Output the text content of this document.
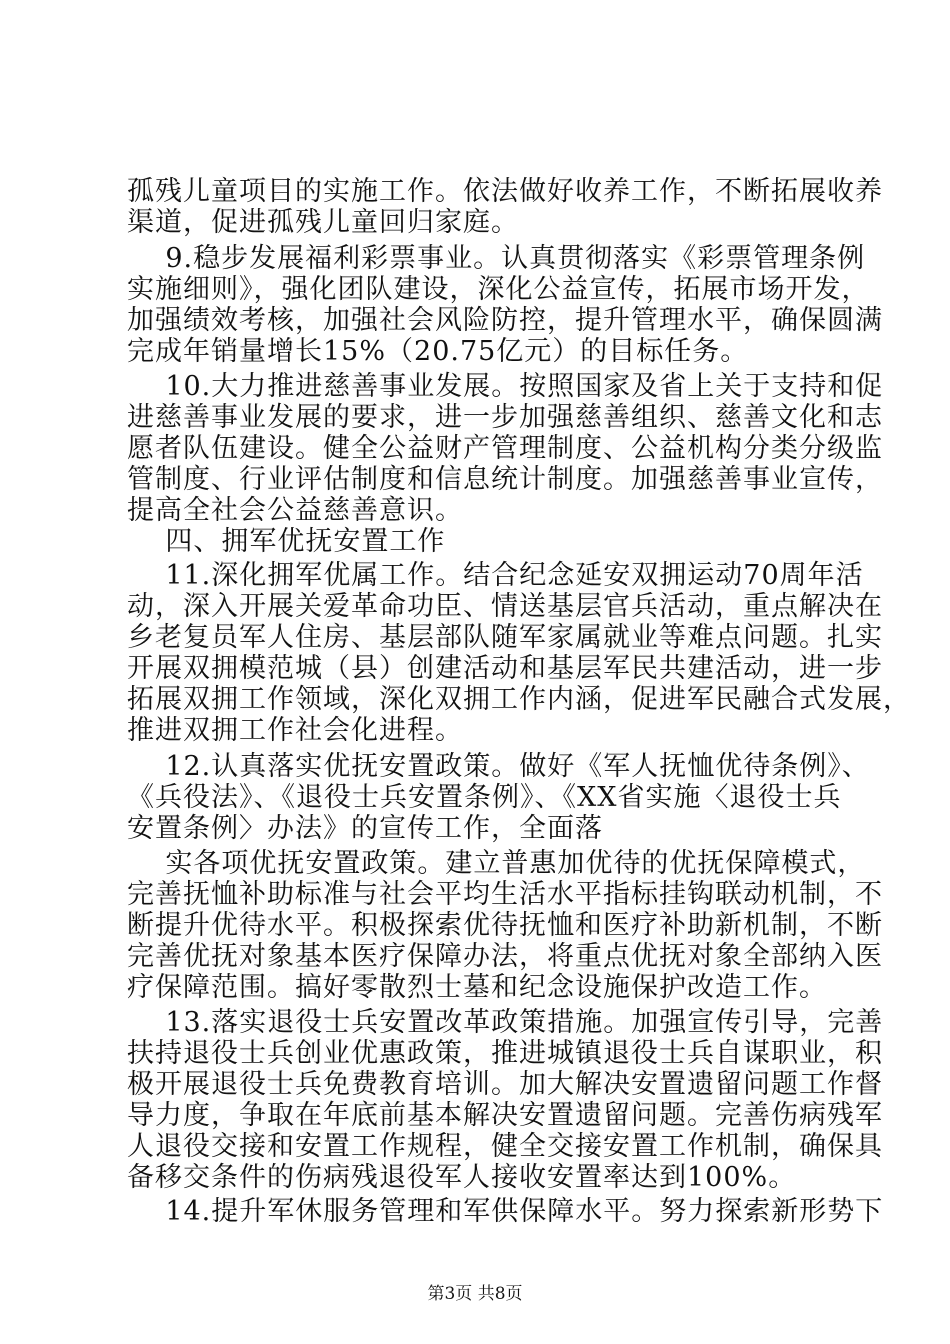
孤残儿童项目的实施工作。依法做好收养工作，不断拓展收养
渠道，促进孤残儿童回归家庭。
9.稳步发展福利彩票事业。认真贯彻落实《彩票管理条例
实施细则》，强化团队建设，深化公益宣传，拓展市场开发，
加强绩效考核，加强社会风险防控，提升管理水平，确保圆满
完成年销量增长15%（20.75亿元）的目标任务。
10.大力推进慈善事业发展。按照国家及省上关于支持和促
进慈善事业发展的要求，进一步加强慈善组织、慈善文化和志
愿者队伍建设。健全公益财产管理制度、公益机构分类分级监
管制度、行业评估制度和信息统计制度。加强慈善事业宣传，
提高全社会公益慈善意识。
四、拥军优抚安置工作
11.深化拥军优属工作。结合纪念延安双拥运动70周年活
动，深入开展关爱革命功臣、情送基层官兵活动，重点解决在
乡老复员军人住房、基层部队随军家属就业等难点问题。扎实
开展双拥模范城（县）创建活动和基层军民共建活动，进一步
拓展双拥工作领域，深化双拥工作内涵，促进军民融合式发展，
推进双拥工作社会化进程。
12.认真落实优抚安置政策。做好《军人抚恤优待条例》、
《兵役法》、《退役士兵安置条例》、《XX省实施〈退役士兵
安置条例〉办法》的宣传工作，全面落
实各项优抚安置政策。建立普惠加优待的优抚保障模式，
完善抚恤补助标准与社会平均生活水平指标挂钩联动机制，不
断提升优待水平。积极探索优待抚恤和医疗补助新机制，不断
完善优抚对象基本医疗保障办法，将重点优抚对象全部纳入医
疗保障范围。搞好零散烈士墓和纪念设施保护改造工作。
13.落实退役士兵安置改革政策措施。加强宣传引导，完善
扶持退役士兵创业优惠政策，推进城镇退役士兵自谋职业，积
极开展退役士兵免费教育培训。加大解决安置遗留问题工作督
导力度，争取在年底前基本解决安置遗留问题。完善伤病残军
人退役交接和安置工作规程，健全交接安置工作机制，确保具
备移交条件的伤病残退役军人接收安置率达到100%。
14.提升军休服务管理和军供保障水平。努力探索新形势下
第3页 共8页
